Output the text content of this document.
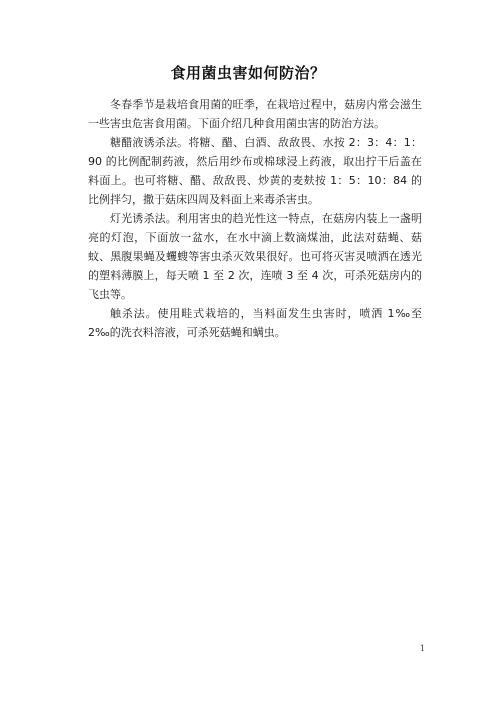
食用菌虫害如何防治？

冬春季节是栽培食用菌的旺季，在栽培过程中，菇房内常会滋生一些害虫危害食用菌。下面介绍几种食用菌虫害的防治方法。

糖醋液诱杀法。将糖、醋、白酒、敌敌畏、水按 2：3：4：1：90 的比例配制药液，然后用纱布或棉球浸上药液，取出拧干后盖在料面上。也可将糖、醋、敌敌畏、炒黄的麦麸按 1：5：10：84 的比例拌匀，撒于菇床四周及料面上来毒杀害虫。

灯光诱杀法。利用害虫的趋光性这一特点，在菇房内装上一盏明亮的灯泡，下面放一盆水，在水中滴上数滴煤油，此法对菇蝇、菇蚊、黑腹果蝇及蠼螋等害虫杀灭效果很好。也可将灭害灵喷洒在透光的塑料薄膜上，每天喷 1 至 2 次，连喷 3 至 4 次，可杀死菇房内的飞虫等。

触杀法。使用畦式栽培的，当料面发生虫害时，喷洒 1‰至 2‰的洗衣料溶液，可杀死菇蝇和螨虫。

1
